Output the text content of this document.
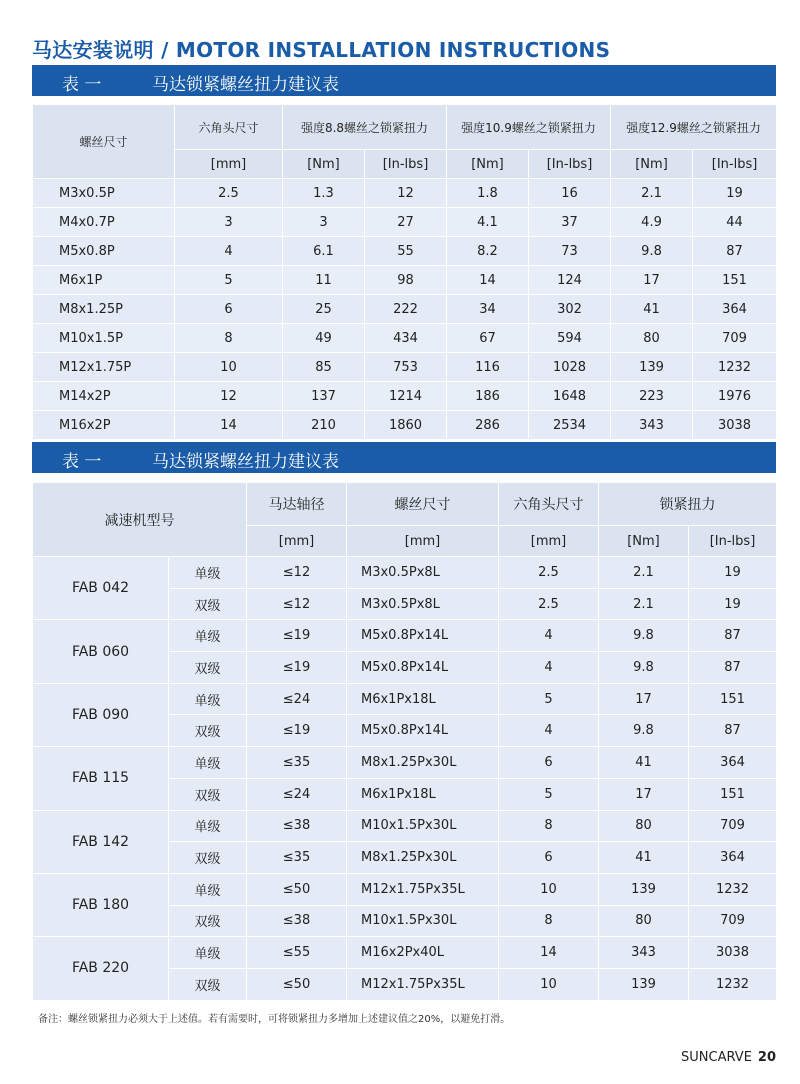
马达安装说明 / MOTOR INSTALLATION INSTRUCTIONS
表 一	马达锁紧螺丝扭力建议表
螺丝尺寸	六角头尺寸	强度8.8螺丝之锁紧扭力		强度10.9螺丝之锁紧扭力		强度12.9螺丝之锁紧扭力	
	[mm]	[Nm]	[In-lbs]	[Nm]	[In-lbs]	[Nm]	[In-lbs]
M3x0.5P	2.5	1.3	12	1.8	16	2.1	19
M4x0.7P	3	3	27	4.1	37	4.9	44
M5x0.8P	4	6.1	55	8.2	73	9.8	87
M6x1P	5	11	98	14	124	17	151
M8x1.25P	6	25	222	34	302	41	364
M10x1.5P	8	49	434	67	594	80	709
M12x1.75P	10	85	753	116	1028	139	1232
M14x2P	12	137	1214	186	1648	223	1976
M16x2P	14	210	1860	286	2534	343	3038
表 一	马达锁紧螺丝扭力建议表
减速机型号		马达轴径	螺丝尺寸	六角头尺寸	锁紧扭力	
		[mm]	[mm]	[mm]	[Nm]	[In-lbs]
FAB 042	单级	≤12	M3x0.5Px8L	2.5	2.1	19
	双级	≤12	M3x0.5Px8L	2.5	2.1	19
FAB 060	单级	≤19	M5x0.8Px14L	4	9.8	87
	双级	≤19	M5x0.8Px14L	4	9.8	87
FAB 090	单级	≤24	M6x1Px18L	5	17	151
	双级	≤19	M5x0.8Px14L	4	9.8	87
FAB 115	单级	≤35	M8x1.25Px30L	6	41	364
	双级	≤24	M6x1Px18L	5	17	151
FAB 142	单级	≤38	M10x1.5Px30L	8	80	709
	双级	≤35	M8x1.25Px30L	6	41	364
FAB 180	单级	≤50	M12x1.75Px35L	10	139	1232
	双级	≤38	M10x1.5Px30L	8	80	709
FAB 220	单级	≤55	M16x2Px40L	14	343	3038
	双级	≤50	M12x1.75Px35L	10	139	1232
备注：螺丝锁紧扭力必须大于上述值。若有需要时，可将锁紧扭力多增加上述建议值之20%，以避免打滑。
SUNCARVE 20
